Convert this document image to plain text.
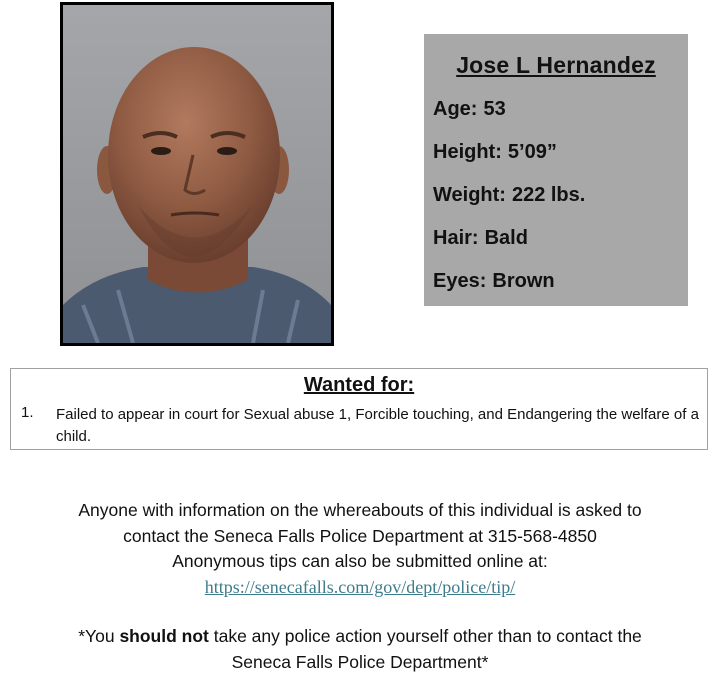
Jose L Hernandez
Age: 53
Height: 5’09”
Weight: 222 lbs.
Hair: Bald
Eyes: Brown
Wanted for:
1. Failed to appear in court for Sexual abuse 1, Forcible touching, and Endangering the welfare of a child.

Anyone with information on the whereabouts of this individual is asked to

contact the Seneca Falls Police Department at 315-568-4850

Anonymous tips can also be submitted online at:

https://senecafalls.com/gov/dept/police/tip/

*You should not take any police action yourself other than to contact the

Seneca Falls Police Department*
